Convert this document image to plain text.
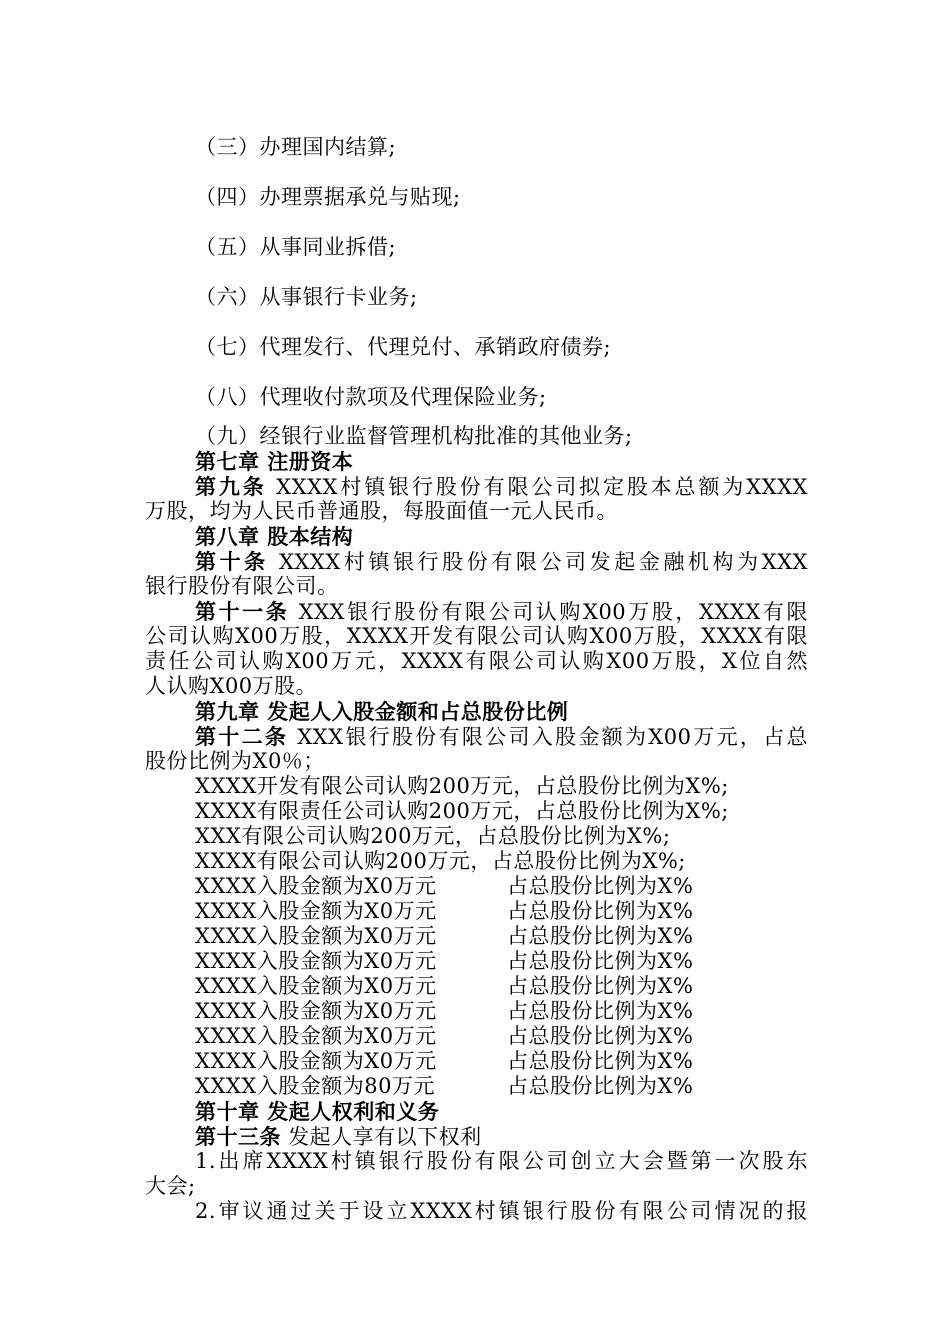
（三）办理国内结算;
（四）办理票据承兑与贴现;
（五）从事同业拆借;
（六）从事银行卡业务;
（七）代理发行、代理兑付、承销政府债券;
（八）代理收付款项及代理保险业务;
（九）经银行业监督管理机构批准的其他业务;
第七章 注册资本
第九条 XXXX村镇银行股份有限公司拟定股本总额为XXXX
万股，均为人民币普通股，每股面值一元人民币。
第八章 股本结构
第十条 XXXX村镇银行股份有限公司发起金融机构为XXX
银行股份有限公司。
第十一条 XXX银行股份有限公司认购X00万股，XXXX有限
公司认购X00万股，XXXX开发有限公司认购X00万股，XXXX有限
责任公司认购X00万元，XXXX有限公司认购X00万股，X位自然
人认购X00万股。
第九章 发起人入股金额和占总股份比例
第十二条 XXX银行股份有限公司入股金额为X00万元，占总
股份比例为X0％；
XXXX开发有限公司认购200万元，占总股份比例为X%;
XXXX有限责任公司认购200万元，占总股份比例为X%;
XXX有限公司认购200万元，占总股份比例为X%;
XXXX有限公司认购200万元，占总股份比例为X%;
XXXX入股金额为X0万元	占总股份比例为X%
XXXX入股金额为X0万元	占总股份比例为X%
XXXX入股金额为X0万元	占总股份比例为X%
XXXX入股金额为X0万元	占总股份比例为X%
XXXX入股金额为X0万元	占总股份比例为X%
XXXX入股金额为X0万元	占总股份比例为X%
XXXX入股金额为X0万元	占总股份比例为X%
XXXX入股金额为X0万元	占总股份比例为X%
XXXX入股金额为80万元	占总股份比例为X%
第十章 发起人权利和义务
第十三条 发起人享有以下权利
1.出席XXXX村镇银行股份有限公司创立大会暨第一次股东
大会;
2.审议通过关于设立XXXX村镇银行股份有限公司情况的报
